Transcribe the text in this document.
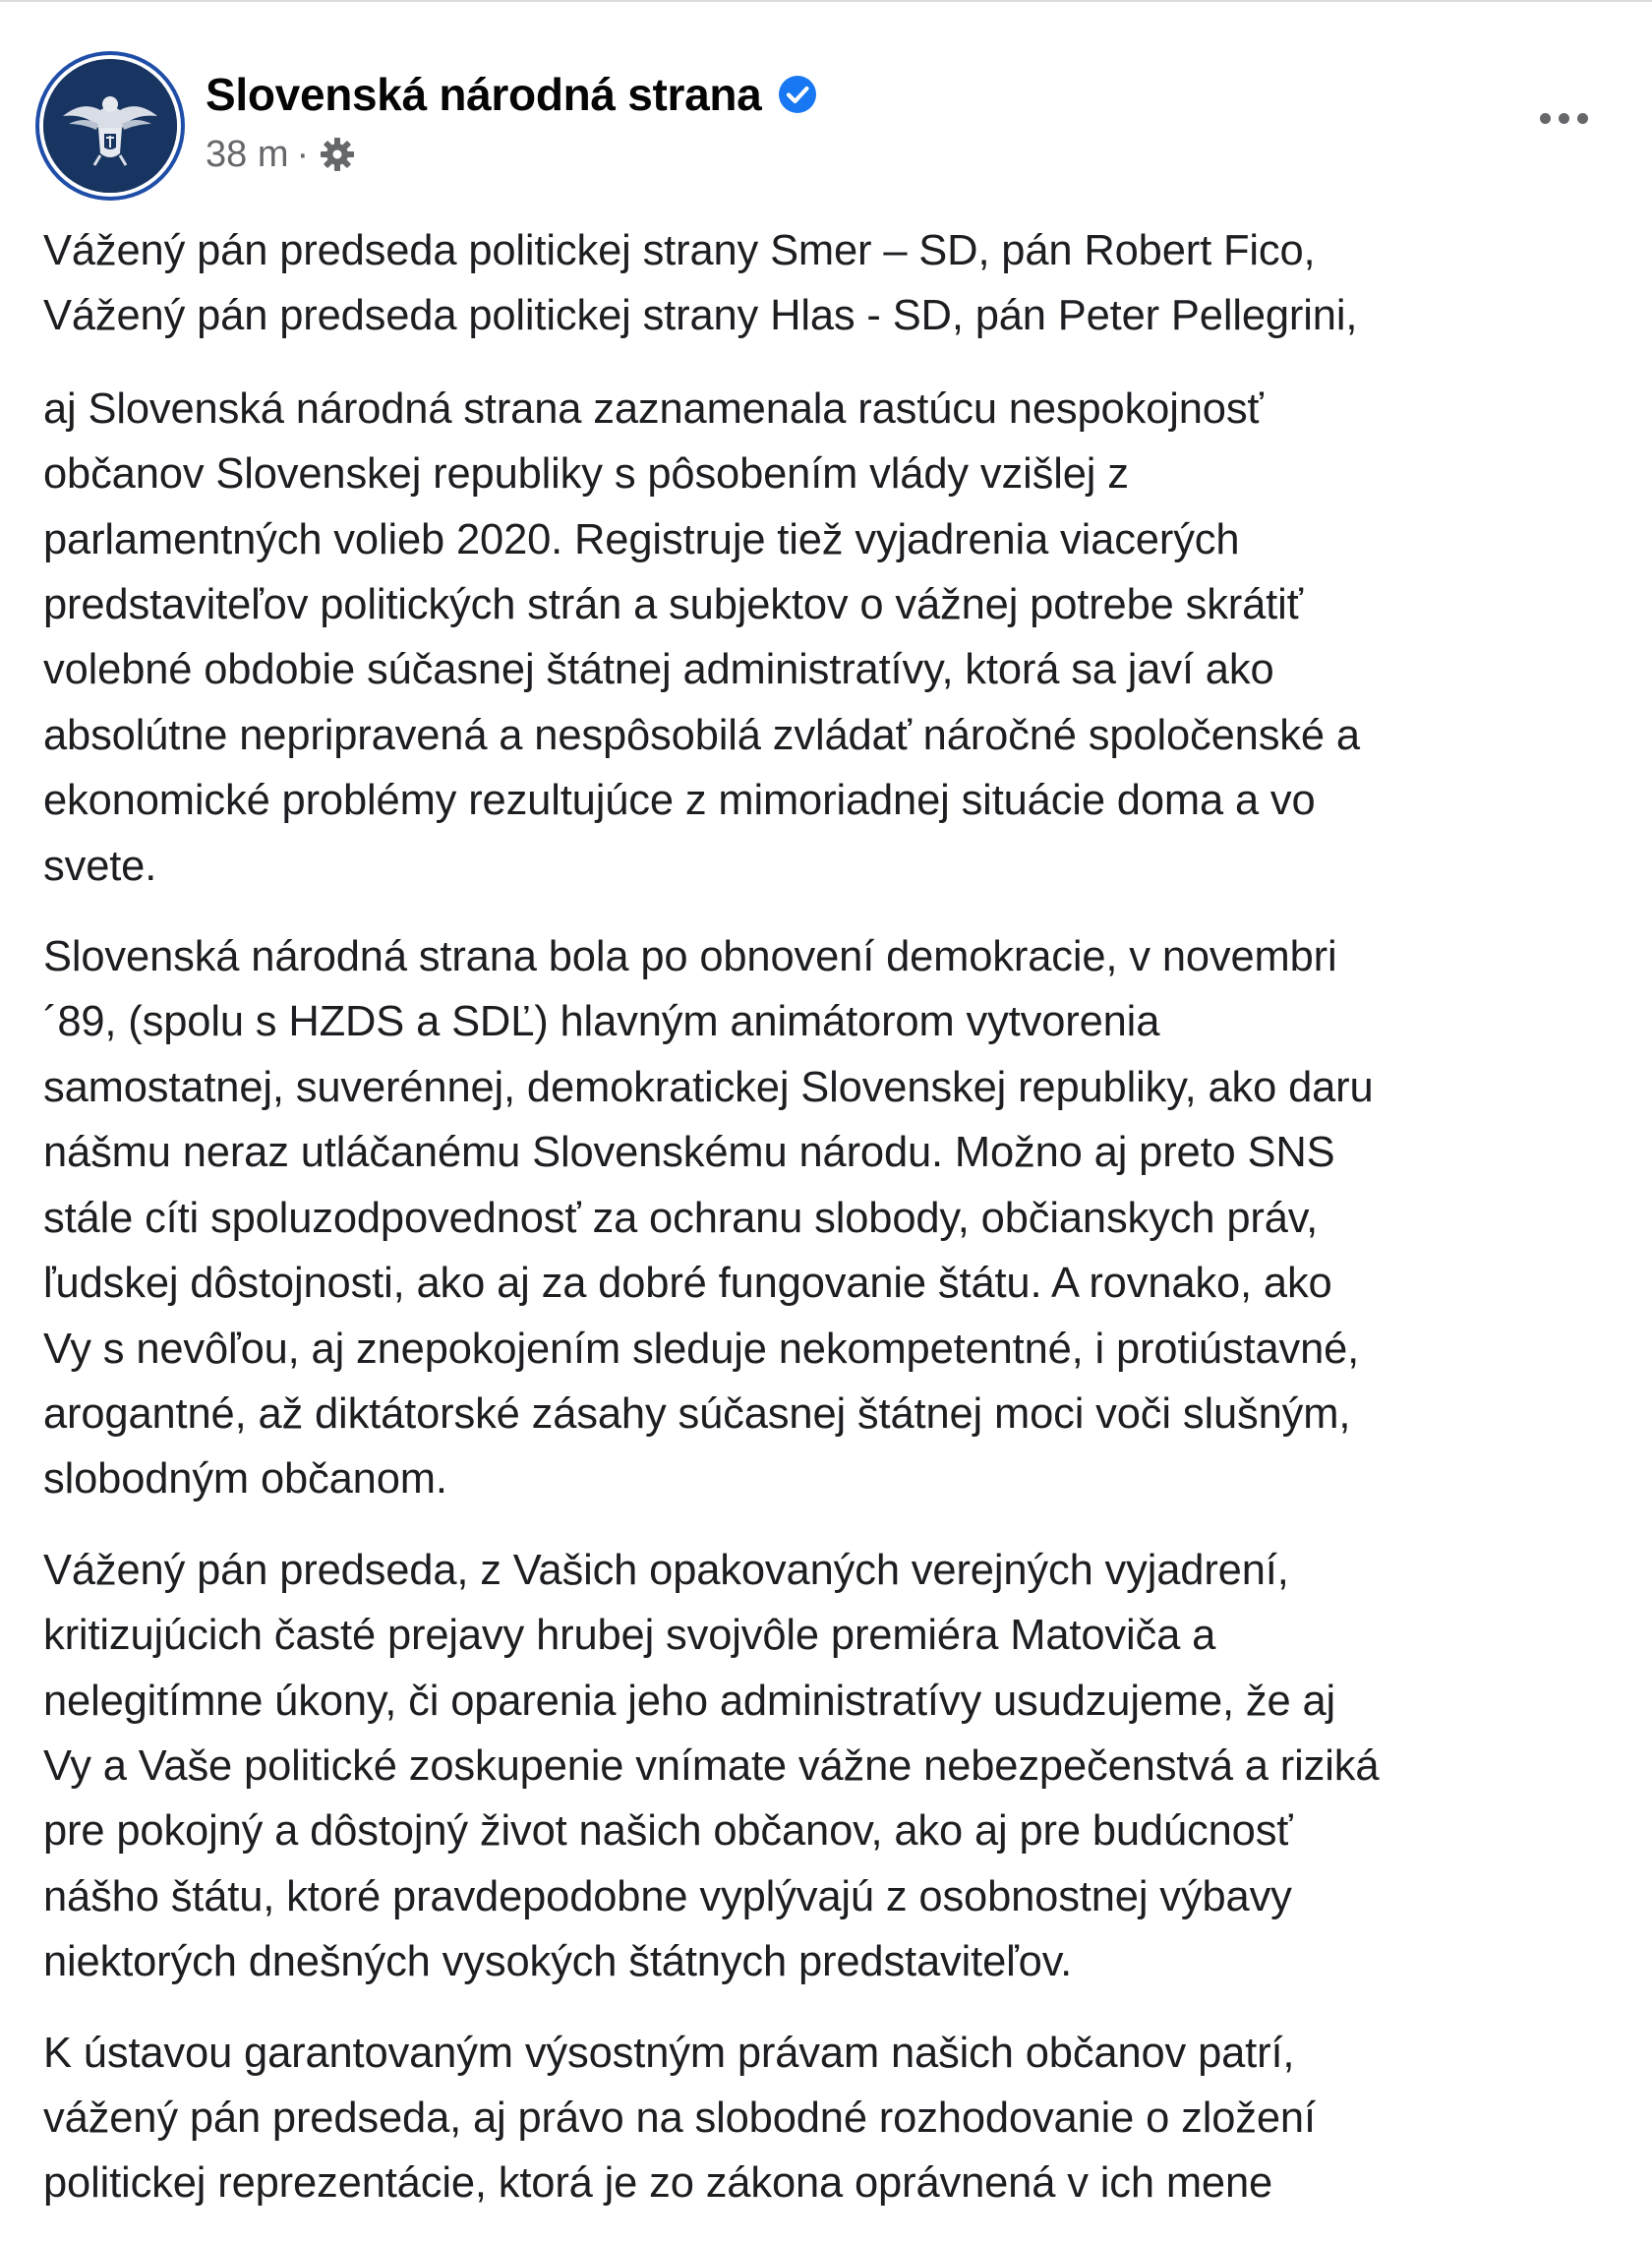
Slovenská národná strana
38 m ·

Vážený pán predseda politickej strany Smer – SD, pán Robert Fico,
Vážený pán predseda politickej strany Hlas - SD, pán Peter Pellegrini,

aj Slovenská národná strana zaznamenala rastúcu nespokojnosť
občanov Slovenskej republiky s pôsobením vlády vzišlej z
parlamentných volieb 2020. Registruje tiež vyjadrenia viacerých
predstaviteľov politických strán a subjektov o vážnej potrebe skrátiť
volebné obdobie súčasnej štátnej administratívy, ktorá sa javí ako
absolútne nepripravená a nespôsobilá zvládať náročné spoločenské a
ekonomické problémy rezultujúce z mimoriadnej situácie doma a vo
svete.

Slovenská národná strana bola po obnovení demokracie, v novembri
´89, (spolu s HZDS a SDĽ) hlavným animátorom vytvorenia
samostatnej, suverénnej, demokratickej Slovenskej republiky, ako daru
nášmu neraz utláčanému Slovenskému národu. Možno aj preto SNS
stále cíti spoluzodpovednosť za ochranu slobody, občianskych práv,
ľudskej dôstojnosti, ako aj za dobré fungovanie štátu. A rovnako, ako
Vy s nevôľou, aj znepokojením sleduje nekompetentné, i protiústavné,
arogantné, až diktátorské zásahy súčasnej štátnej moci voči slušným,
slobodným občanom.

Vážený pán predseda, z Vašich opakovaných verejných vyjadrení,
kritizujúcich časté prejavy hrubej svojvôle premiéra Matoviča a
nelegitímne úkony, či oparenia jeho administratívy usudzujeme, že aj
Vy a Vaše politické zoskupenie vnímate vážne nebezpečenstvá a riziká
pre pokojný a dôstojný život našich občanov, ako aj pre budúcnosť
nášho štátu, ktoré pravdepodobne vyplývajú z osobnostnej výbavy
niektorých dnešných vysokých štátnych predstaviteľov.

K ústavou garantovaným výsostným právam našich občanov patrí,
vážený pán predseda, aj právo na slobodné rozhodovanie o zložení
politickej reprezentácie, ktorá je zo zákona oprávnená v ich mene
